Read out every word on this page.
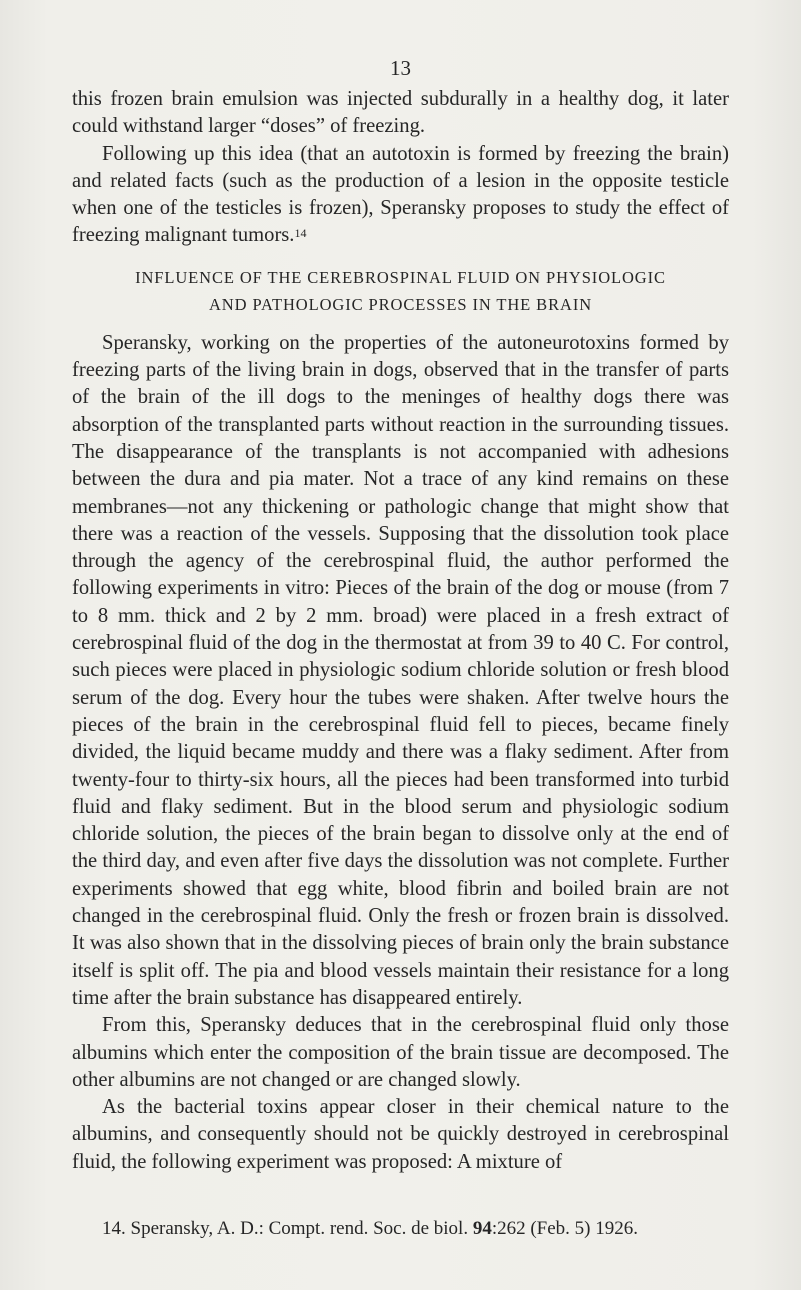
13

this frozen brain emulsion was injected subdurally in a healthy dog, it later could withstand larger “doses” of freezing.

Following up this idea (that an autotoxin is formed by freezing the brain) and related facts (such as the production of a lesion in the opposite testicle when one of the testicles is frozen), Speransky proposes to study the effect of freezing malignant tumors.$^{14}$

INFLUENCE OF THE CEREBROSPINAL FLUID ON PHYSIOLOGIC
AND PATHOLOGIC PROCESSES IN THE BRAIN

Speransky, working on the properties of the autoneurotoxins formed by freezing parts of the living brain in dogs, observed that in the transfer of parts of the brain of the ill dogs to the meninges of healthy dogs there was absorption of the transplanted parts without reaction in the surrounding tissues. The disappearance of the transplants is not accompanied with adhesions between the dura and pia mater. Not a trace of any kind remains on these membranes—not any thickening or pathologic change that might show that there was a reaction of the vessels. Supposing that the dissolution took place through the agency of the cerebrospinal fluid, the author performed the following experiments in vitro: Pieces of the brain of the dog or mouse (from 7 to 8 mm. thick and 2 by 2 mm. broad) were placed in a fresh extract of cerebrospinal fluid of the dog in the thermostat at from 39 to 40 C. For control, such pieces were placed in physiologic sodium chloride solution or fresh blood serum of the dog. Every hour the tubes were shaken. After twelve hours the pieces of the brain in the cerebrospinal fluid fell to pieces, became finely divided, the liquid became muddy and there was a flaky sediment. After from twenty-four to thirty-six hours, all the pieces had been transformed into turbid fluid and flaky sediment. But in the blood serum and physiologic sodium chloride solution, the pieces of the brain began to dissolve only at the end of the third day, and even after five days the dissolution was not complete. Further experiments showed that egg white, blood fibrin and boiled brain are not changed in the cerebrospinal fluid. Only the fresh or frozen brain is dissolved. It was also shown that in the dissolving pieces of brain only the brain substance itself is split off. The pia and blood vessels maintain their resistance for a long time after the brain substance has disappeared entirely.

From this, Speransky deduces that in the cerebrospinal fluid only those albumins which enter the composition of the brain tissue are decomposed. The other albumins are not changed or are changed slowly.

As the bacterial toxins appear closer in their chemical nature to the albumins, and consequently should not be quickly destroyed in cerebrospinal fluid, the following experiment was proposed: A mixture of

14. Speransky, A. D.: Compt. rend. Soc. de biol. 94:262 (Feb. 5) 1926.
